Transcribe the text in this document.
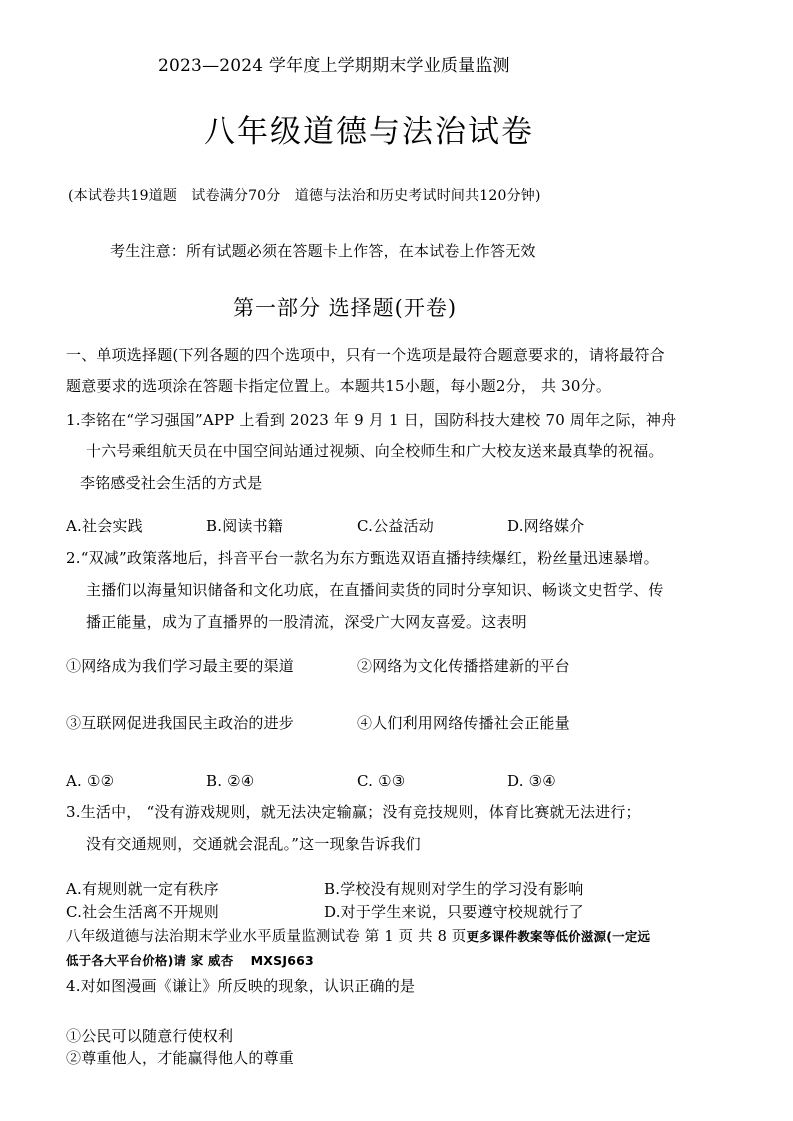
2023—2024 学年度上学期期末学业质量监测
八年级道德与法治试卷
(本试卷共19道题　试卷满分70分　道德与法治和历史考试时间共120分钟)
考生注意：所有试题必须在答题卡上作答，在本试卷上作答无效
第一部分 选择题(开卷)
一、单项选择题(下列各题的四个选项中，只有一个选项是最符合题意要求的，请将最符合
题意要求的选项涂在答题卡指定位置上。本题共15小题，每小题2分， 共 30分。
1.李铭在“学习强国”APP 上看到 2023 年 9 月 1 日，国防科技大建校 70 周年之际，神舟
十六号乘组航天员在中国空间站通过视频、向全校师生和广大校友送来最真挚的祝福。
李铭感受社会生活的方式是
A.社会实践	B.阅读书籍	C.公益活动	D.网络媒介
2.“双减”政策落地后，抖音平台一款名为东方甄选双语直播持续爆红，粉丝量迅速暴增。
主播们以海量知识储备和文化功底，在直播间卖货的同时分享知识、畅谈文史哲学、传
播正能量，成为了直播界的一股清流，深受广大网友喜爱。这表明
①网络成为我们学习最主要的渠道	②网络为文化传播搭建新的平台
③互联网促进我国民主政治的进步	④人们利用网络传播社会正能量
A. ①②	B. ②④	C. ①③	D. ③④
3.生活中， “没有游戏规则，就无法决定输赢；没有竞技规则，体育比赛就无法进行；
没有交通规则，交通就会混乱。”这一现象告诉我们
A.有规则就一定有秩序	B.学校没有规则对学生的学习没有影响
C.社会生活离不开规则	D.对于学生来说，只要遵守校规就行了
八年级道德与法治期末学业水平质量监测试卷 第 1 页 共 8 页更多课件教案等低价滋源(一定远
低于各大平台价格)请 家 威杏　 MXSJ663
4.对如图漫画《谦让》所反映的现象，认识正确的是
①公民可以随意行使权利
②尊重他人，才能赢得他人的尊重
